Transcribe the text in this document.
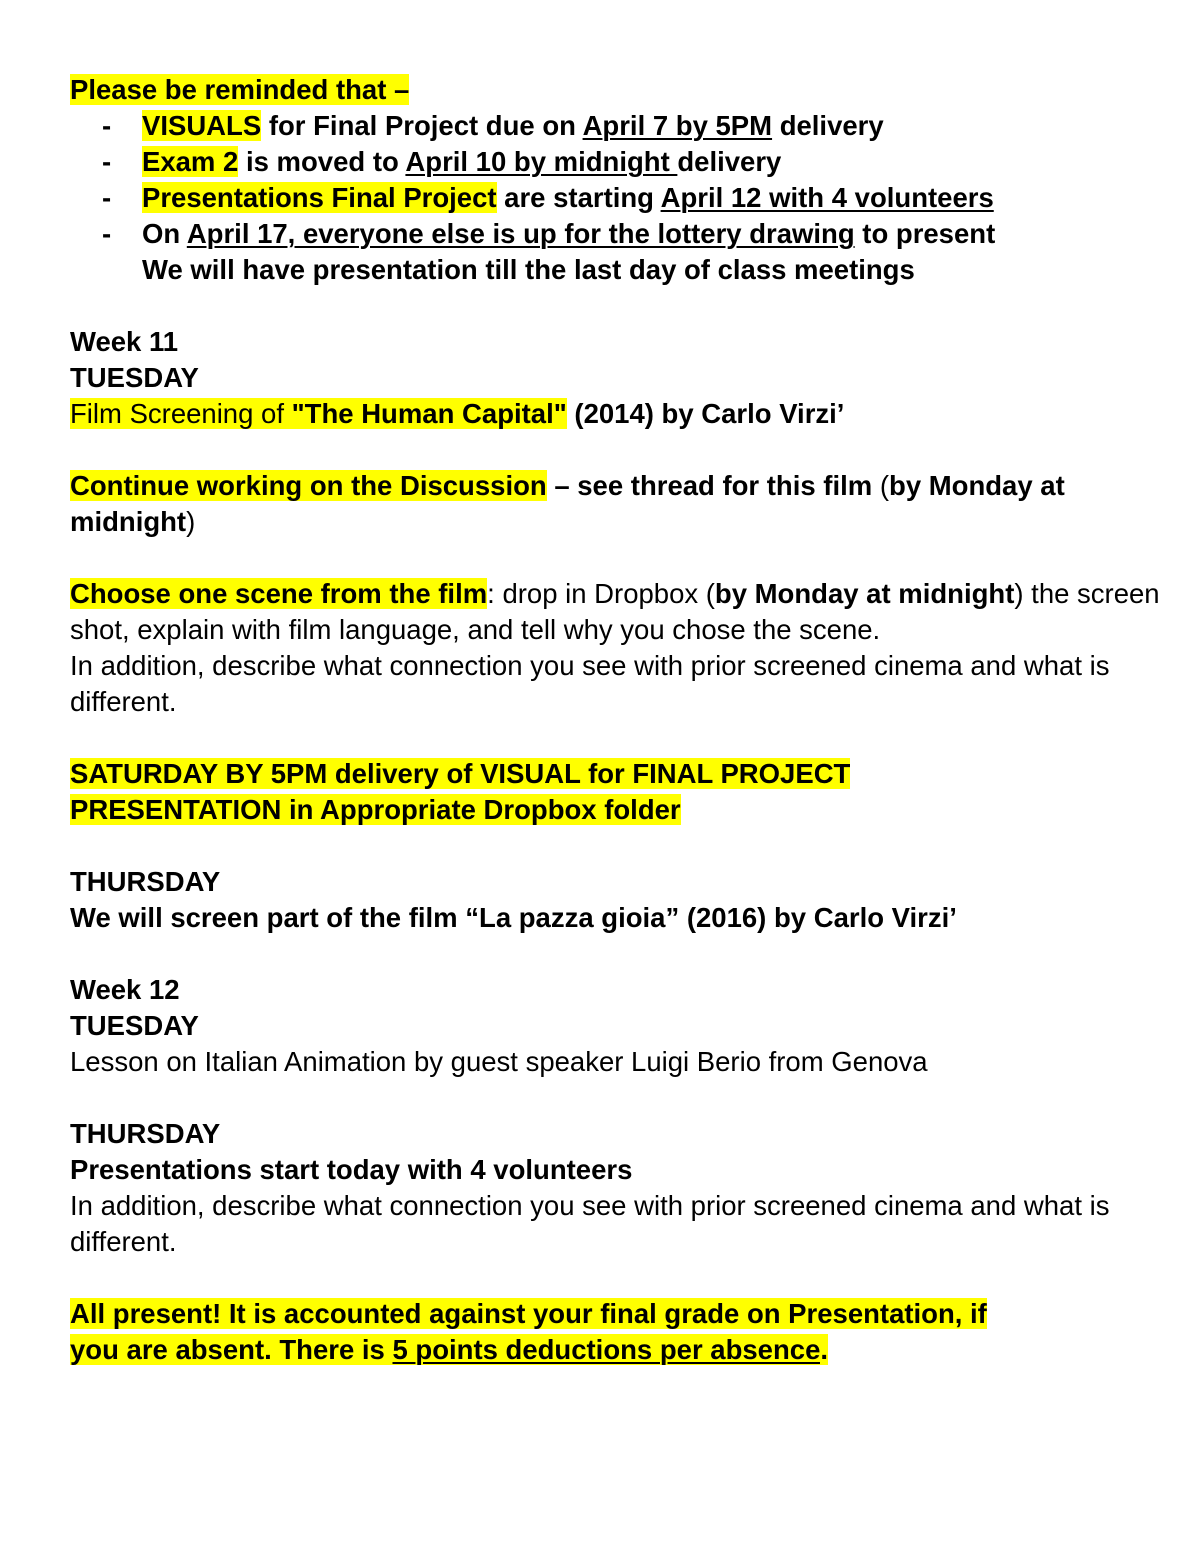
Please be reminded that –

- VISUALS for Final Project due on April 7 by 5PM delivery
- Exam 2 is moved to April 10 by midnight delivery
- Presentations Final Project are starting April 12 with 4 volunteers
- On April 17, everyone else is up for the lottery drawing to present

We will have presentation till the last day of class meetings

Week 11

TUESDAY

Film Screening of "The Human Capital" (2014) by Carlo Virzi’

Continue working on the Discussion – see thread for this film (by Monday at midnight)

Choose one scene from the film: drop in Dropbox (by Monday at midnight) the screen shot, explain with film language, and tell why you chose the scene.

In addition, describe what connection you see with prior screened cinema and what is different.

SATURDAY BY 5PM delivery of VISUAL for FINAL PROJECT
PRESENTATION in Appropriate Dropbox folder

THURSDAY

We will screen part of the film “La pazza gioia” (2016) by Carlo Virzi’

Week 12

TUESDAY

Lesson on Italian Animation by guest speaker Luigi Berio from Genova

THURSDAY

Presentations start today with 4 volunteers

In addition, describe what connection you see with prior screened cinema and what is different.

All present! It is accounted against your final grade on Presentation, if
you are absent. There is 5 points deductions per absence.
